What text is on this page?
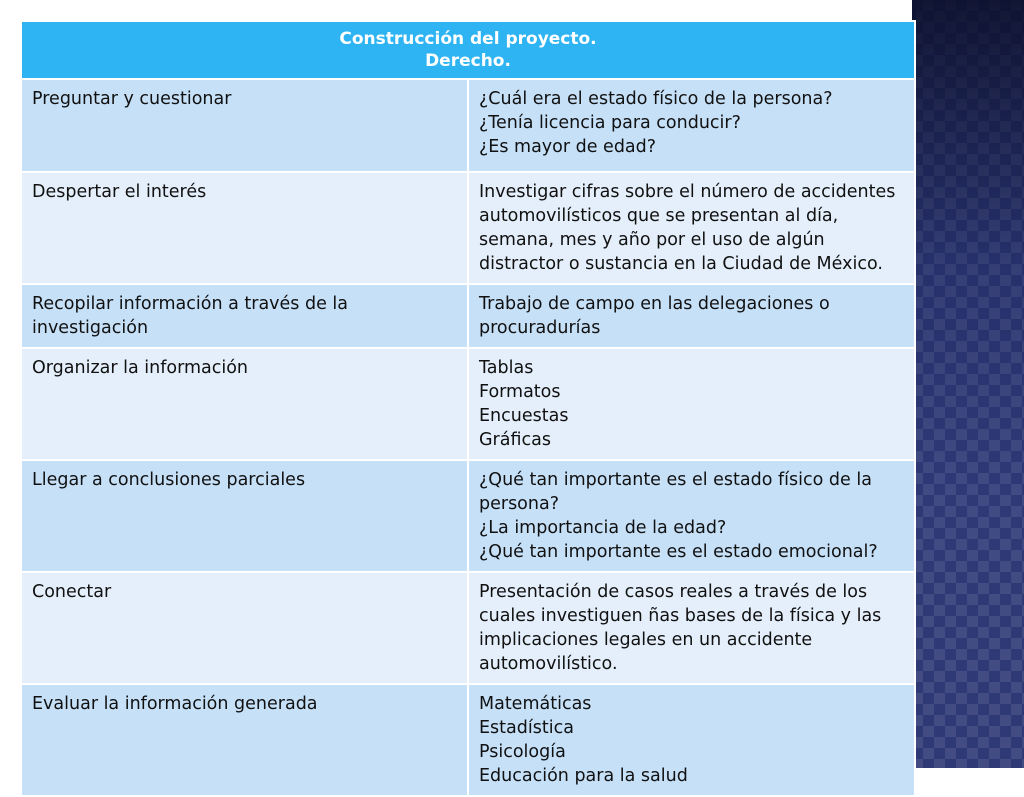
Construcción del proyecto.
Derecho.	

Preguntar y cuestionar	¿Cuál era el estado físico de la persona?
¿Tenía licencia para conducir?
¿Es mayor de edad?

Despertar el interés	Investigar cifras sobre el número de accidentes automovilísticos que se presentan al día, semana, mes y año por el uso de algún distractor o sustancia en la Ciudad de México.

Recopilar información a través de la investigación	Trabajo de campo en las delegaciones o procuradurías

Organizar la información	Tablas
Formatos
Encuestas
Gráficas

Llegar a conclusiones parciales	¿Qué tan importante es el estado físico de la persona?
¿La importancia de la edad?
¿Qué tan importante es el estado emocional?

Conectar	Presentación de casos reales a través de los cuales investiguen ñas bases de la física y las implicaciones legales en un accidente automovilístico.

Evaluar la información generada	Matemáticas
Estadística
Psicología
Educación para la salud
